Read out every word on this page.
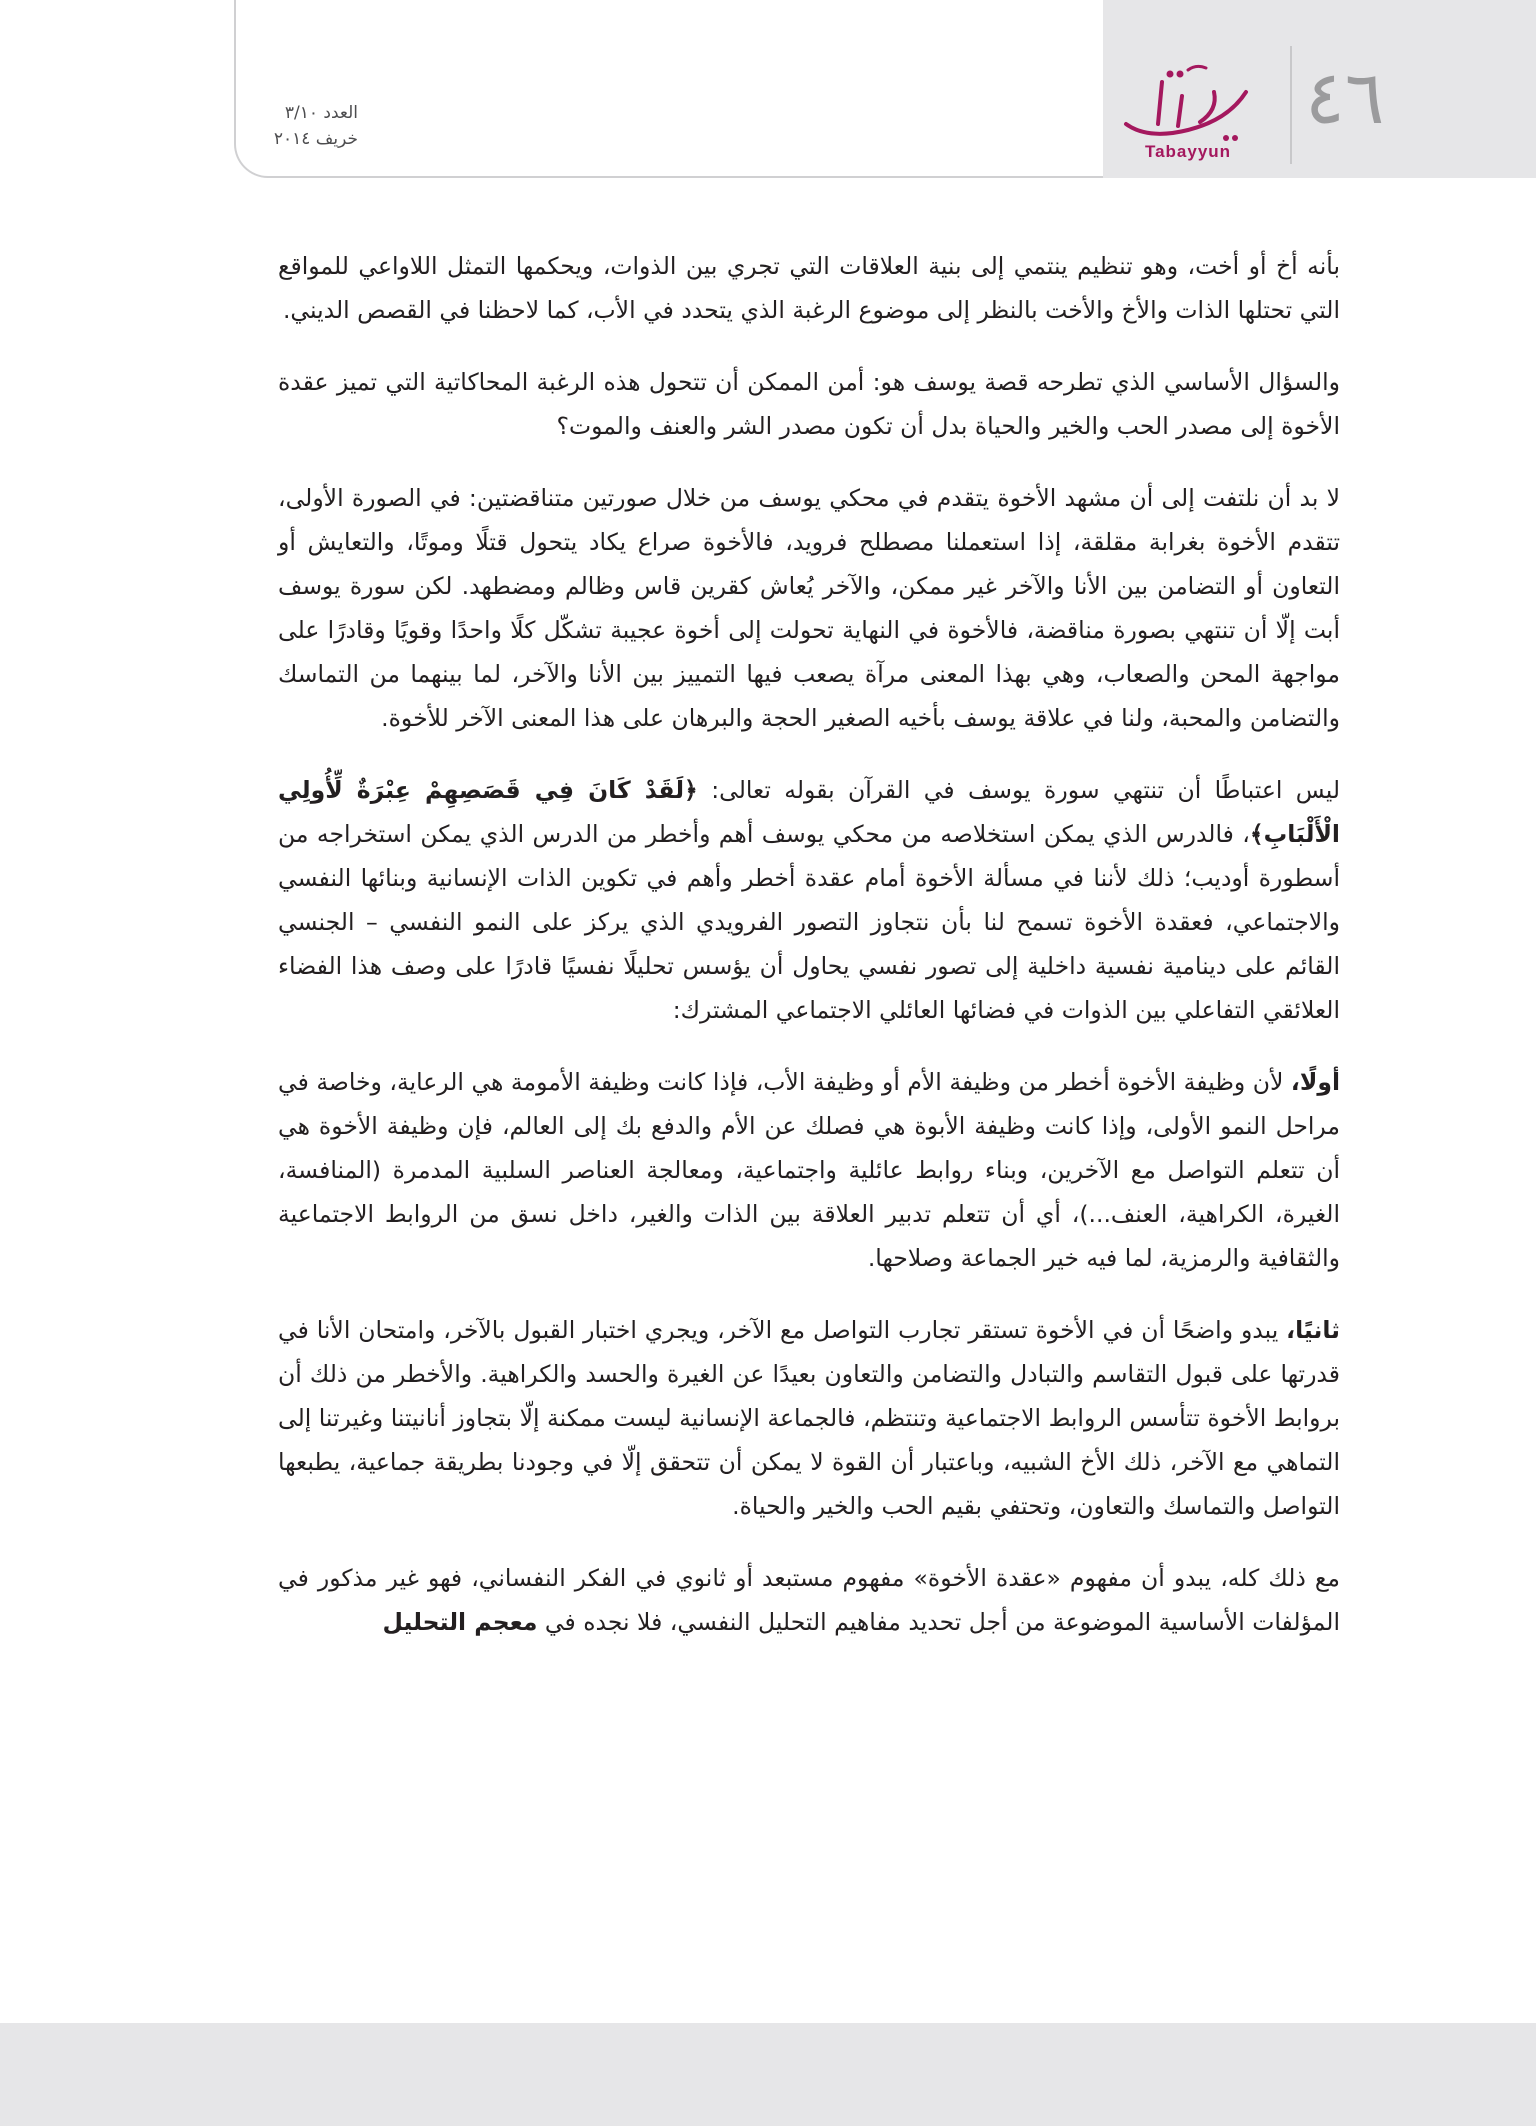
٤٦
Tabayyun
العدد ٣/١٠
خريف ٢٠١٤

بأنه أخ أو أخت، وهو تنظيم ينتمي إلى بنية العلاقات التي تجري بين الذوات، ويحكمها التمثل اللاواعي للمواقع التي تحتلها الذات والأخ والأخت بالنظر إلى موضوع الرغبة الذي يتحدد في الأب، كما لاحظنا في القصص الديني.

والسؤال الأساسي الذي تطرحه قصة يوسف هو: أمن الممكن أن تتحول هذه الرغبة المحاكاتية التي تميز عقدة الأخوة إلى مصدر الحب والخير والحياة بدل أن تكون مصدر الشر والعنف والموت؟

لا بد أن نلتفت إلى أن مشهد الأخوة يتقدم في محكي يوسف من خلال صورتين متناقضتين: في الصورة الأولى، تتقدم الأخوة بغرابة مقلقة، إذا استعملنا مصطلح فرويد، فالأخوة صراع يكاد يتحول قتلًا وموتًا، والتعايش أو التعاون أو التضامن بين الأنا والآخر غير ممكن، والآخر يُعاش كقرين قاس وظالم ومضطهد. لكن سورة يوسف أبت إلّا أن تنتهي بصورة مناقضة، فالأخوة في النهاية تحولت إلى أخوة عجيبة تشكّل كلًا واحدًا وقويًا وقادرًا على مواجهة المحن والصعاب، وهي بهذا المعنى مرآة يصعب فيها التمييز بين الأنا والآخر، لما بينهما من التماسك والتضامن والمحبة، ولنا في علاقة يوسف بأخيه الصغير الحجة والبرهان على هذا المعنى الآخر للأخوة.

ليس اعتباطًا أن تنتهي سورة يوسف في القرآن بقوله تعالى: ﴿لَقَدْ كَانَ فِي قَصَصِهِمْ عِبْرَةٌ لِّأُولِي الْأَلْبَابِ﴾، فالدرس الذي يمكن استخلاصه من محكي يوسف أهم وأخطر من الدرس الذي يمكن استخراجه من أسطورة أوديب؛ ذلك لأننا في مسألة الأخوة أمام عقدة أخطر وأهم في تكوين الذات الإنسانية وبنائها النفسي والاجتماعي، فعقدة الأخوة تسمح لنا بأن نتجاوز التصور الفرويدي الذي يركز على النمو النفسي – الجنسي القائم على دينامية نفسية داخلية إلى تصور نفسي يحاول أن يؤسس تحليلًا نفسيًا قادرًا على وصف هذا الفضاء العلائقي التفاعلي بين الذوات في فضائها العائلي الاجتماعي المشترك:

أولًا، لأن وظيفة الأخوة أخطر من وظيفة الأم أو وظيفة الأب، فإذا كانت وظيفة الأمومة هي الرعاية، وخاصة في مراحل النمو الأولى، وإذا كانت وظيفة الأبوة هي فصلك عن الأم والدفع بك إلى العالم، فإن وظيفة الأخوة هي أن تتعلم التواصل مع الآخرين، وبناء روابط عائلية واجتماعية، ومعالجة العناصر السلبية المدمرة (المنافسة، الغيرة، الكراهية، العنف...)، أي أن تتعلم تدبير العلاقة بين الذات والغير، داخل نسق من الروابط الاجتماعية والثقافية والرمزية، لما فيه خير الجماعة وصلاحها.

ثانيًا، يبدو واضحًا أن في الأخوة تستقر تجارب التواصل مع الآخر، ويجري اختبار القبول بالآخر، وامتحان الأنا في قدرتها على قبول التقاسم والتبادل والتضامن والتعاون بعيدًا عن الغيرة والحسد والكراهية. والأخطر من ذلك أن بروابط الأخوة تتأسس الروابط الاجتماعية وتنتظم، فالجماعة الإنسانية ليست ممكنة إلّا بتجاوز أنانيتنا وغيرتنا إلى التماهي مع الآخر، ذلك الأخ الشبيه، وباعتبار أن القوة لا يمكن أن تتحقق إلّا في وجودنا بطريقة جماعية، يطبعها التواصل والتماسك والتعاون، وتحتفي بقيم الحب والخير والحياة.

مع ذلك كله، يبدو أن مفهوم «عقدة الأخوة» مفهوم مستبعد أو ثانوي في الفكر النفساني، فهو غير مذكور في المؤلفات الأساسية الموضوعة من أجل تحديد مفاهيم التحليل النفسي، فلا نجده في معجم التحليل
